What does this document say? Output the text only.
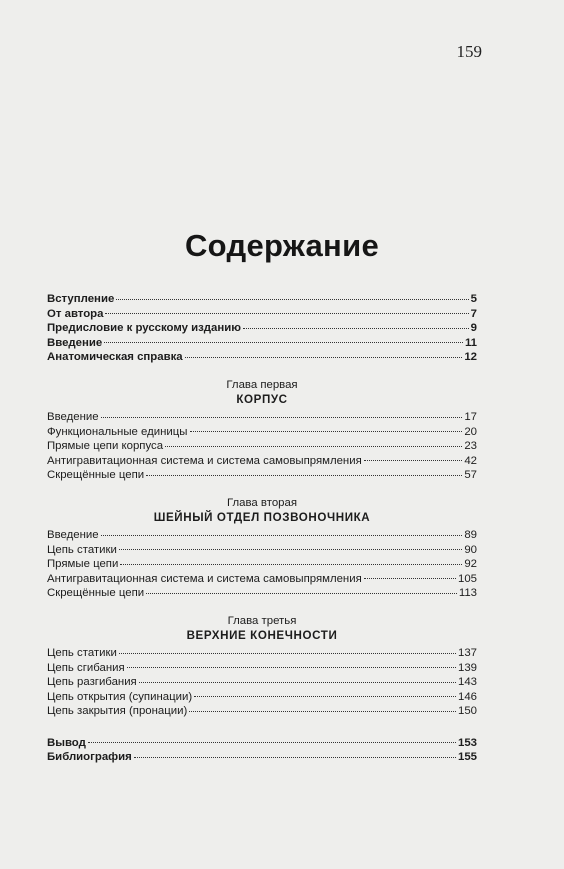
159
Содержание
Вступление	5
От автора	7
Предисловие к русскому изданию	9
Введение	11
Анатомическая справка	12
Глава первая
КОРПУС
Введение	17
Функциональные единицы	20
Прямые цепи корпуса	23
Антигравитационная система и система самовыпрямления	42
Скрещённые цепи	57
Глава вторая
ШЕЙНЫЙ ОТДЕЛ ПОЗВОНОЧНИКА
Введение	89
Цепь статики	90
Прямые цепи	92
Антигравитационная система и система самовыпрямления	105
Скрещённые цепи	113
Глава третья
ВЕРХНИЕ КОНЕЧНОСТИ
Цепь статики	137
Цепь сгибания	139
Цепь разгибания	143
Цепь открытия (супинации)	146
Цепь закрытия (пронации)	150
Вывод	153
Библиография	155
